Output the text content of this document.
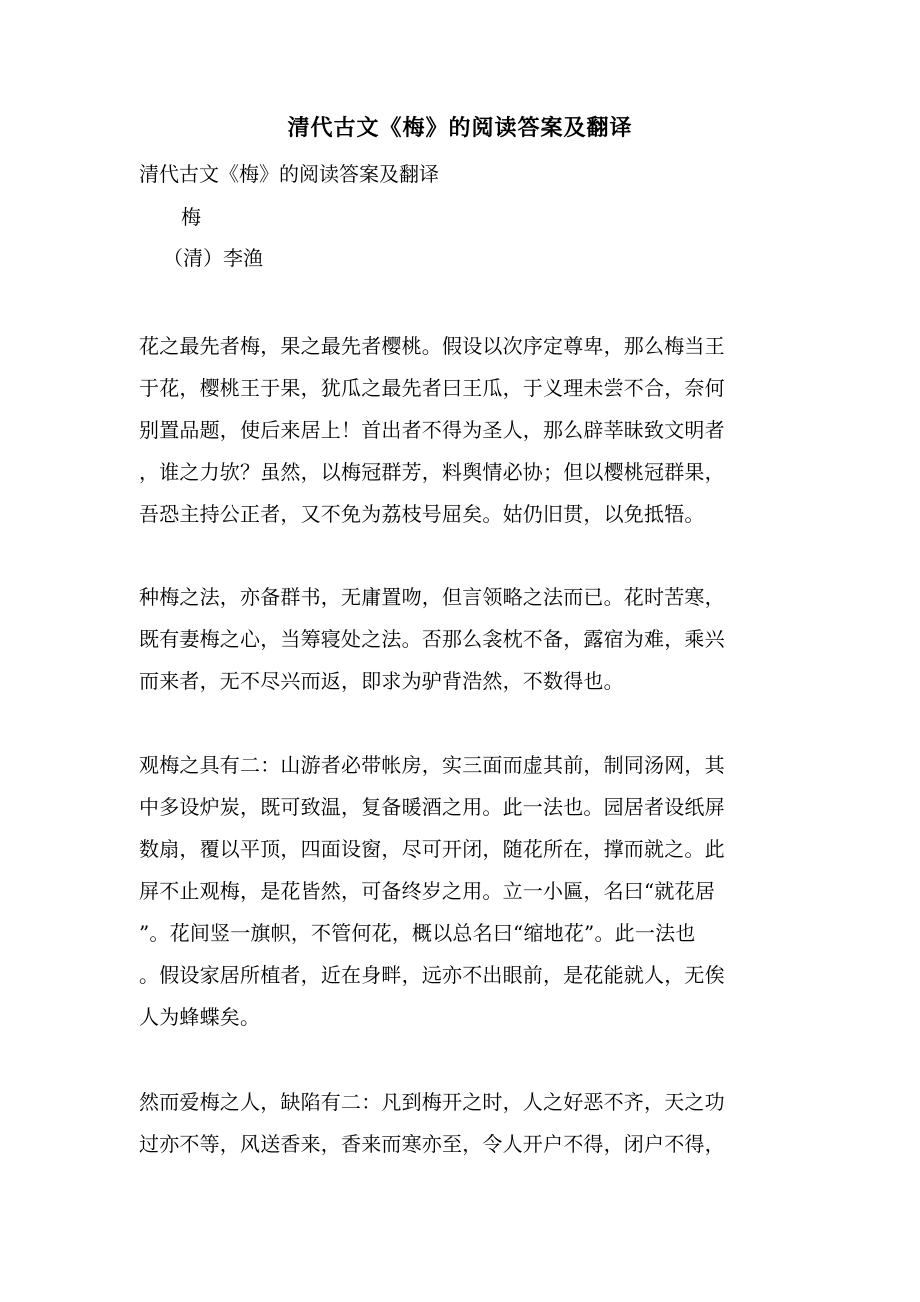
清代古文《梅》的阅读答案及翻译
清代古文《梅》的阅读答案及翻译
梅
（清）李渔
花之最先者梅，果之最先者樱桃。假设以次序定尊卑，那么梅当王
于花，樱桃王于果，犹瓜之最先者曰王瓜，于义理未尝不合，奈何
别置品题，使后来居上！首出者不得为圣人，那么辟莘昧致文明者
，谁之力欤？虽然，以梅冠群芳，料舆情必协；但以樱桃冠群果，
吾恐主持公正者，又不免为荔枝号屈矣。姑仍旧贯，以免抵牾。
种梅之法，亦备群书，无庸置吻，但言领略之法而已。花时苦寒，
既有妻梅之心，当筹寝处之法。否那么衾枕不备，露宿为难，乘兴
而来者，无不尽兴而返，即求为驴背浩然，不数得也。
观梅之具有二：山游者必带帐房，实三面而虚其前，制同汤网，其
中多设炉炭，既可致温，复备暖酒之用。此一法也。园居者设纸屏
数扇，覆以平顶，四面设窗，尽可开闭，随花所在，撑而就之。此
屏不止观梅，是花皆然，可备终岁之用。立一小匾，名曰“就花居
”。花间竖一旗帜，不管何花，概以总名曰“缩地花”。此一法也
。假设家居所植者，近在身畔，远亦不出眼前，是花能就人，无俟
人为蜂蝶矣。
然而爱梅之人，缺陷有二：凡到梅开之时，人之好恶不齐，天之功
过亦不等，风送香来，香来而寒亦至，令人开户不得，闭户不得，
